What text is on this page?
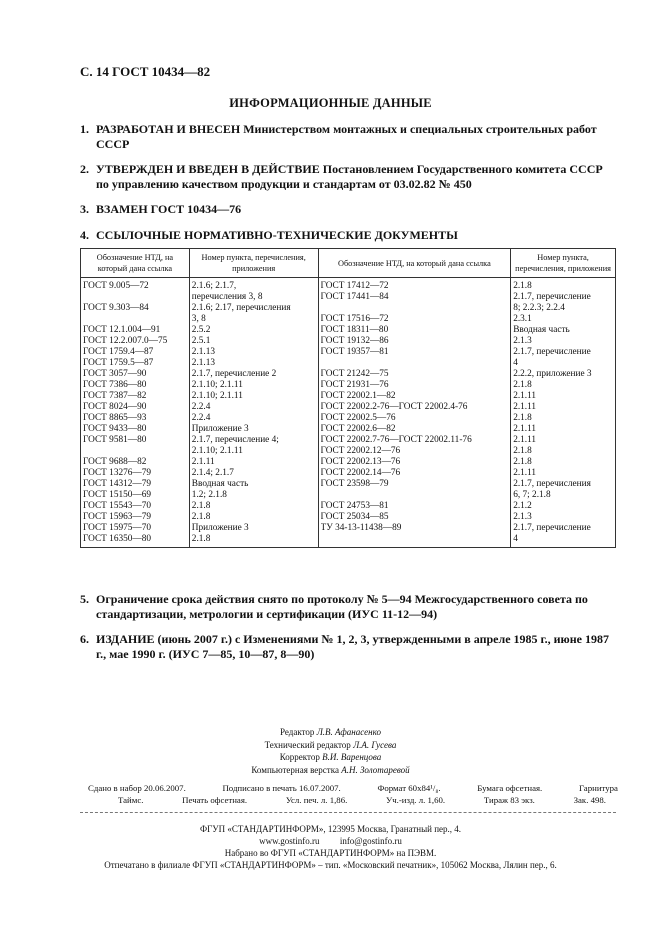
С. 14 ГОСТ 10434—82
ИНФОРМАЦИОННЫЕ ДАННЫЕ
1. РАЗРАБОТАН И ВНЕСЕН Министерством монтажных и специальных строительных работ СССР
2. УТВЕРЖДЕН И ВВЕДЕН В ДЕЙСТВИЕ Постановлением Государственного комитета СССР по управлению качеством продукции и стандартам от 03.02.82 № 450
3. ВЗАМЕН ГОСТ 10434—76
4. ССЫЛОЧНЫЕ НОРМАТИВНО-ТЕХНИЧЕСКИЕ ДОКУМЕНТЫ
Обозначение НТД, на который дана ссылка	Номер пункта, перечисления, приложения	Обозначение НТД, на который дана ссылка	Номер пункта, перечисления, приложения

ГОСТ 9.005—72	2.1.6; 2.1.7,	ГОСТ 17412—72	2.1.8

	перечисления 3, 8	ГОСТ 17441—84	2.1.7, перечисление

ГОСТ 9.303—84	2.1.6; 2.17, перечисления		8; 2.2.3; 2.2.4

	3, 8	ГОСТ 17516—72	2.3.1

ГОСТ 12.1.004—91	2.5.2	ГОСТ 18311—80	Вводная часть

ГОСТ 12.2.007.0—75	2.5.1	ГОСТ 19132—86	2.1.3

ГОСТ 1759.4—87	2.1.13	ГОСТ 19357—81	2.1.7, перечисление

ГОСТ 1759.5—87	2.1.13		4

ГОСТ 3057—90	2.1.7, перечисление 2	ГОСТ 21242—75	2.2.2, приложение 3

ГОСТ 7386—80	2.1.10; 2.1.11	ГОСТ 21931—76	2.1.8

ГОСТ 7387—82	2.1.10; 2.1.11	ГОСТ 22002.1—82	2.1.11

ГОСТ 8024—90	2.2.4	ГОСТ 22002.2-76—ГОСТ 22002.4-76	2.1.11

ГОСТ 8865—93	2.2.4	ГОСТ 22002.5—76	2.1.8

ГОСТ 9433—80	Приложение 3	ГОСТ 22002.6—82	2.1.11

ГОСТ 9581—80	2.1.7, перечисление 4;	ГОСТ 22002.7-76—ГОСТ 22002.11-76	2.1.11

	2.1.10; 2.1.11	ГОСТ 22002.12—76	2.1.8

ГОСТ 9688—82	2.1.11	ГОСТ 22002.13—76	2.1.8

ГОСТ 13276—79	2.1.4; 2.1.7	ГОСТ 22002.14—76	2.1.11

ГОСТ 14312—79	Вводная часть	ГОСТ 23598—79	2.1.7, перечисления

ГОСТ 15150—69	1.2; 2.1.8		6, 7; 2.1.8

ГОСТ 15543—70	2.1.8	ГОСТ 24753—81	2.1.2

ГОСТ 15963—79	2.1.8	ГОСТ 25034—85	2.1.3

ГОСТ 15975—70	Приложение 3	ТУ 34-13-11438—89	2.1.7, перечисление

ГОСТ 16350—80	2.1.8		4
5. Ограничение срока действия снято по протоколу № 5—94 Межгосударственного совета по стандартизации, метрологии и сертификации (ИУС 11-12—94)
6. ИЗДАНИЕ (июнь 2007 г.) с Изменениями № 1, 2, 3, утвержденными в апреле 1985 г., июне 1987 г., мае 1990 г. (ИУС 7—85, 10—87, 8—90)
Редактор Л.В. Афанасенко
Технический редактор Л.А. Гусева
Корректор В.И. Варенцова
Компьютерная верстка А.Н. Золотаревой
Сдано в набор 20.06.2007.	Подписано в печать 16.07.2007.	Формат 60x84¹/₈.	Бумага офсетная.	Гарнитура
Таймс.	Печать офсетная.	Усл. печ. л. 1,86.	Уч.-изд. л. 1,60.	Тираж 83 экз.	Зак. 498.
ФГУП «СТАНДАРТИНФОРМ», 123995 Москва, Гранатный пер., 4.
www.gostinfo.ru info@gostinfo.ru
Набрано во ФГУП «СТАНДАРТИНФОРМ» на ПЭВМ.
Отпечатано в филиале ФГУП «СТАНДАРТИНФОРМ» – тип. «Московский печатник», 105062 Москва, Лялин пер., 6.
